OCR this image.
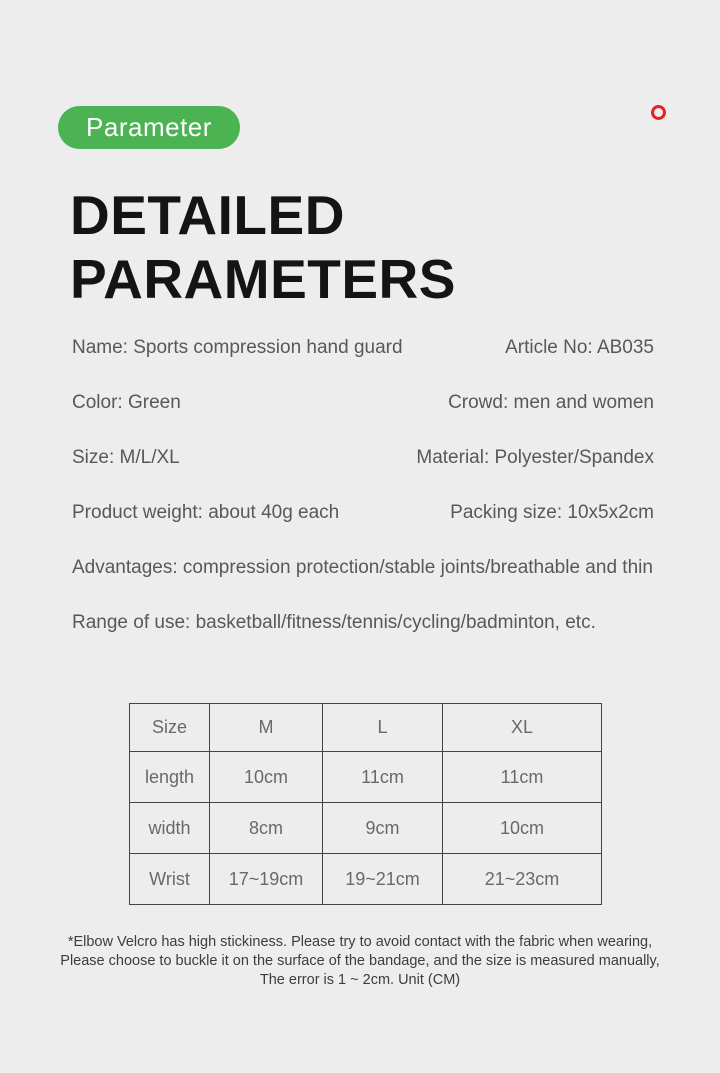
Parameter
DETAILED
PARAMETERS
Name: Sports compression hand guard	Article No: AB035
Color: Green	Crowd: men and women
Size: M/L/XL	Material: Polyester/Spandex
Product weight: about 40g each	Packing size: 10x5x2cm
Advantages: compression protection/stable joints/breathable and thin
Range of use: basketball/fitness/tennis/cycling/badminton, etc.
Size	M	L	XL
length	10cm	11cm	11cm
width	8cm	9cm	10cm
Wrist	17~19cm	19~21cm	21~23cm
*Elbow Velcro has high stickiness. Please try to avoid contact with the fabric when wearing,
Please choose to buckle it on the surface of the bandage, and the size is measured manually,
The error is 1 ~ 2cm. Unit (CM)
